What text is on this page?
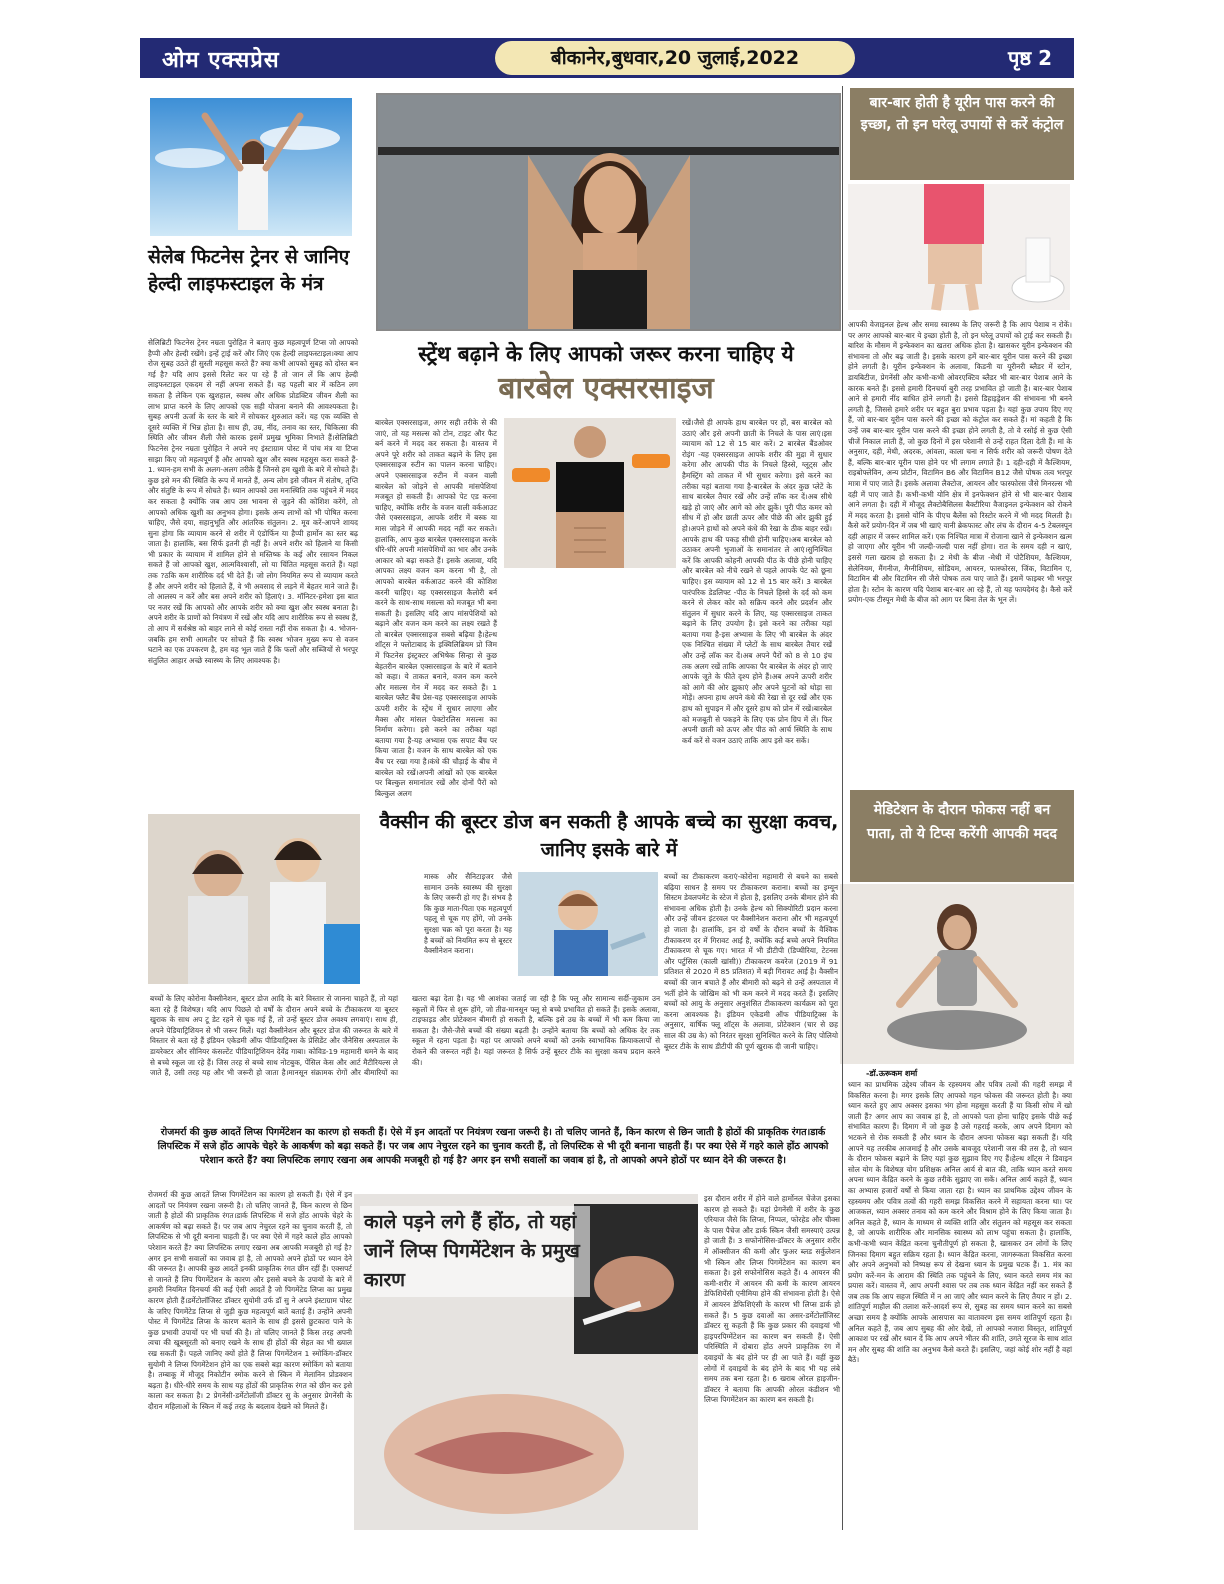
ओम एक्सप्रेस	बीकानेर,बुधवार,20 जुलाई,2022	पृष्ठ 2
सेलेब फिटनेस ट्रेनर से जानिए हेल्दी लाइफस्टाइल के मंत्र
सेलिब्रिटी फिटनेस ट्रेनर नम्रता पुरोहित ने बताए कुछ महत्वपूर्ण टिप्स जो आपको हैप्पी और हेल्दी रखेंगे। इन्हें ट्राई करें और जिएं एक हेल्दी लाइफस्टाइल।क्या आप रोज सुबह उठते ही सुस्ती महसूस करते हैं? क्या कभी आपको सुबह को दोस्त बन गई है? यदि आप इससे रिलेट कर पा रहे हैं तो जान लें कि आप हेल्दी लाइफस्टाइल एकदम से नहीं अपना सकते हैं। यह पहली बार में कठिन लग सकता है लेकिन एक खुशहाल, स्वस्थ और अधिक प्रोडक्टिव जीवन शैली का लाभ प्राप्त करने के लिए आपको एक सही योजना बनाने की आवश्यकता है।सुबह अपनी ऊर्जा के स्तर के बारे में सोचकर शुरुआत करें। यह एक व्यक्ति से दूसरे व्यक्ति में भिन्न होता है। साथ ही, उम्र, नींद, तनाव का स्तर, चिकित्सा की स्थिति और जीवन शैली जैसे कारक इसमें प्रमुख भूमिका निभाते हैं।सेलिब्रिटी फिटनेस ट्रेनर नम्रता पुरोहित ने अपने नए इंस्टाग्राम पोस्ट में पांच मंत्र या टिप्स साझा किए जो महत्वपूर्ण हैं और आपको खुश और स्वस्थ महसूस करा सकते हैं- 1. ध्यान-हम सभी के अलग-अलग तरीके हैं जिनसे हम खुशी के बारे में सोचते हैं। कुछ इसे मन की स्थिति के रूप में मानते हैं, अन्य लोग इसे जीवन में संतोष, तृप्ति और संतुष्टि के रूप में सोचते हैं। ध्यान आपको उस मनःस्थिति तक पहुंचने में मदद कर सकता है क्योंकि जब आप उस भावना से जुड़ने की कोशिश करेंगे, तो आपको अधिक खुशी का अनुभव होगा। इसके अन्य लाभों को भी पोषित करना चाहिए, जैसे दया, सहानुभूति और आंतरिक संतुलन। 2. मूव करें-आपने शायद सुना होगा कि व्यायाम करने से शरीर में एंडोर्फिन या हैप्पी हार्मोन का स्तर बढ़ जाता है। हालांकि, बस सिर्फ इतनी ही नहीं है। अपने शरीर को हिलाने या किसी भी प्रकार के व्यायाम में शामिल होने से मस्तिष्क के कई और रसायन निकल सकते हैं जो आपको खुश, आत्मविश्वासी, लो या चिंतित महसूस कराते हैं। यहां तक ?ठकि कम शारीरिक दर्द भी देते हैं। जो लोग नियमित रूप से व्यायाम करते हैं और अपने शरीर को हिलाते हैं, वे भी अवसाद से लड़ने में बेहतर माने जाते हैं। तो आलस्य न करें और बस अपने शरीर को हिलाएं। 3. मॉनिटर-हमेशा इस बात पर नजर रखें कि आपको और आपके शरीर को क्या खुश और स्वस्थ बनाता है। अपने शरीर के प्राणों को नियंत्रण में रखें और यदि आप शारीरिक रूप से स्वस्थ हैं, तो आप में सर्वश्रेष्ठ को बाहर लाने से कोई रास्ता नहीं रोक सकता है। 4. भोजन-जबकि हम सभी आमतौर पर सोचते हैं कि स्वस्थ भोजन मुख्य रूप से वजन घटाने का एक उपकरण है, हम यह भूल जाते हैं कि फलों और सब्जियों से भरपूर संतुलित आहार अच्छे स्वास्थ्य के लिए आवश्यक है।
स्ट्रेंथ बढ़ाने के लिए आपको जरूर करना चाहिए ये
बारबेल एक्सरसाइज
बारबेल एक्सरसाइज, अगर सही तरीके से की जाएं, तो यह मसल्स को टोन, टाइट और फैट बर्न करने में मदद कर सकता है। वास्तव में अपने पूरे शरीर को ताकत बढ़ाने के लिए इस एक्सरसाइज रुटीन का पालन करना चाहिए।अपने एक्सरसाइज रुटीन में वजन वाली बारबेल को जोड़ने से आपकी मांसपेशियां मजबूत हो सकती हैं। आपको पेट एड करना चाहिए, क्योंकि शरीर के वजन वाली वर्कआउट जैसे एक्सरसाइज, आपके शरीर में बस्क या मास जोड़ने में आपकी मदद नहीं कर सकते। हालांकि, आप कुछ बारबेल एक्सरसाइज करके धीरे-धीरे अपनी मांसपेशियों का भार और उनके आकार को बढ़ा सकते हैं। इसके अलावा, यदि आपका लक्ष्य वजन कम करना भी है, तो आपको बारबेल वर्कआउट करने की कोशिश करनी चाहिए। यह एक्सरसाइज कैलोरी बर्न करने के साथ-साथ मसल्स को मजबूत भी बना सकती है। इसलिए यदि आप मांसपेशियों को बढ़ाने और वजन कम करने का लक्ष्य रखते हैं तो बारबेल एक्सरसाइज सबसे बढ़िया है।हेल्थ शॉट्स ने फ्लोटाबाद के इक्विलिब्रियम प्रो जिम में फिटनेस इंस्ट्रक्टर अभिषेक सिन्हा से कुछ बेहतरीन बारबेल एक्सरसाइज के बारे में बताने को कहा। ये ताकत बनाने, वजन कम करने और मसल्स गेन में मदद कर सकते हैं। 1 बारबेल फ्लैट बैंच प्रेस-यह एक्सरसाइज आपके ऊपरी शरीर के स्ट्रेंथ में सुधार लाएगा और मैक्स और मांसल पेक्टोरलिस मसल्स का निर्माण करेगा। इसे करने का तरीका यहां बताया गया है-यह अभ्यास एक सपाट बैंच पर किया जाता है। वजन के साथ बारबेल को एक बैंच पर रखा गया है।कंधे की चौड़ाई के बीच में बारबेल को रखें।अपनी आंखों को एक बारबेल पर बिल्कुल समानांतर रखें और दोनों पैरों को बिल्कुल अलग
रखें।जैसे ही आपके हाथ बारबेल पर हों, बस बारबेल को उठाएं और इसे अपनी छाती के निचले के पास लाएं।इस व्यायाम को 12 से 15 बार करें। 2 बारबेल बैंडओवर रोइंग -यह एक्सरसाइज आपके शरीर की मुद्रा में सुधार करेगा और आपकी पीठ के निचले हिस्से, ग्लूट्स और हैमस्ट्रिंग को ताकत में भी सुधार करेगा। इसे करने का तरीका यहां बताया गया है-बारबेल के अंदर कुछ प्लेटें के साथ बारबेल तैयार रखें और उन्हें लॉक कर दें।अब सीधे खड़े हो जाएं और आगे को ओर झुकें। पूरी पीठ कमर को सीध में हो और छाती ऊपर और पीछे की ओर झुकी हुई हो।अपने हाथों को अपने कंधे की रेखा के ठीक बाहर रखें। आपके हाथ की पकड़ सीधी होनी चाहिए।अब बारबेल को उठाकर अपनी भुजाओं के समानांतर ले आएं।सुनिश्चित करें कि आपकी कोहनी आपकी पीठ के पीछे होनी चाहिए और बारबेल को नीचे रखने से पहले आपके पेट को छूना चाहिए। इस व्यायाम को 12 से 15 बार करें। 3 बारबेल पारंपरिक डेडलिफ्ट -पीठ के निचले हिस्से के दर्द को कम करने से लेकर कोर को सक्रिय करने और प्रदर्शन और संतुलन में सुधार करने के लिए, यह एक्सरसाइज ताकत बढ़ाने के लिए उपयोग है। इसे करने का तरीका यहां बताया गया है-इस अभ्यास के लिए भी बारबेल के अंदर एक निश्चित संख्या में प्लेटों के साथ बारबेल तैयार रखें और उन्हें लॉक कर दें।अब अपने पैरों को 8 से 10 इंच तक अलग रखें ताकि आपका पैर बारबेल के अंदर हो जाएं आपके जूते के फीते दृश्य होने हैं।अब अपने ऊपरी शरीर को आगे की ओर झुकाएं और अपने घुटनों को थोड़ा सा मोड़ें। अपना हाथ अपने कंधे की रेखा से दूर रखें और एक हाथ को सुपाइन में और दूसरे हाथ को प्रोन में रखें।बारबेल को मजबूती से पकड़ने के लिए एक प्रोन ग्रिप में लें। फिर अपनी छाती को ऊपर और पीठ को आर्च स्थिति के साथ कर्व करें से वजन उठाएं ताकि आप इसे कर सकें।
बार-बार होती है यूरीन पास करने की इच्छा, तो इन घरेलू उपायों से करें कंट्रोल
आपकी वेजाइनल हेल्थ और समग्र स्वास्थ्य के लिए जरूरी है कि आप पेशाब न रोकें। पर अगर आपको बार-बार ये इच्छा होती है, तो इन घरेलू उपायों को ट्राई कर सकती हैं। बारिश के मौसम में इन्फेक्शन का खतरा अधिक होता है। खासकर यूरीन इन्फेक्शन की संभावना तो और बढ़ जाती है। इसके कारण हमें बार-बार यूरीन पास करने की इच्छा होने लगती है। यूरीन इन्फेक्शन के अलावा, किडनी या यूरीनरी ब्लैडर में स्टोन, डायबिटीज, प्रेगनेंसी और कभी-कभी ओवरएक्टिव ब्लैडर भी बार-बार पेशाब आने के कारक बनते हैं। इससे हमारी दिनचर्या बुरी तरह प्रभावित हो जाती है। बार-बार पेशाब आने से हमारी नींद बाधित होने लगती है। इससे डिहाइड्रेशन की संभावना भी बनने लगती है, जिससे हमारे शरीर पर बहुत बुरा प्रभाव पड़ता है। यहां कुछ उपाय दिए गए हैं, जो बार-बार यूरीन पास करने की इच्छा को कंट्रोल कर सकते हैं। मां कहती है कि उन्हें जब बार-बार यूरीन पास करने की इच्छा होने लगती है, तो वे रसोई से कुछ ऐसी चीजें निकाल लाती हैं, जो कुछ दिनों में इस परेशानी से उन्हें राहत दिला देती हैं। मां के अनुसार, दही, मेथी, अदरक, आंवला, काला चना न सिर्फ शरीर को जरूरी पोषण देते हैं, बल्कि बार-बार यूरीन पास होने पर भी लगाम लगाते हैं। 1 दही-दही में कैल्शियम, राइबोफ्लेविन, अन्य प्रोटीन, विटामिन B6 और विटामिन B12 जैसे पोषक तत्व भरपूर मात्रा में पाए जाते हैं। इसके अलावा लैक्टोज, आयरन और फास्फोरस जैसे मिनरल्स भी दही में पाए जाते हैं। कभी-कभी योनि क्षेत्र में इनफेक्शन होने से भी बार-बार पेशाब आने लगता है। दही में मौजूद लैक्टोबैसिलस बैक्टीरिया वैजाइनल इन्फेक्शन को रोकने में मदद करता है। इससे योनि के पीएच बैलेंस को रिस्टोर करने में भी मदद मिलती है। कैसे करें प्रयोग-दिन में जब भी खाएं यानी ब्रेकफास्ट और लंच के दौरान 4-5 टेबलस्पून दही आहार में जरूर शामिल करें। एक निश्चित मात्रा में रोजाना खाने से इन्फेक्शन खत्म हो जाएगा और यूरीन भी जल्दी-जल्दी पास नहीं होगा। रात के समय दही न खाएं, इससे गला खराब हो सकता है। 2 मेथी के बीज -मेथी में पोटैशियम, कैल्शियम, सेलेनियम, मैंगनीज, मैग्नीशियम, सोडियम, आयरन, फास्फोरस, जिंक, विटामिन ए, विटामिन बी और विटामिन सी जैसे पोषक तत्व पाए जाते हैं। इसमें फाइबर भी भरपूर होता है। स्टोन के कारण यदि पेशाब बार-बार आ रहे हैं, तो यह फायदेमंद है। कैसे करें प्रयोग-एक टीस्पून मेथी के बीज को आग पर बिना तेल के भून लें।
मेडिटेशन के दौरान फोकस नहीं बन पाता, तो ये टिप्स करेंगी आपकी मदद
-डॉ.ऊरूकम शर्मा
ध्यान का प्राथमिक उद्देश्य जीवन के रहस्यमय और पवित्र तत्वों की गहरी समझ में विकसित करना है। मगर इसके लिए आपको गहन फोकस की जरूरत होती है। क्या ध्यान करते हुए आप अक्सर इसका भंग होना महसूस करती हैं या किसी सोच में खो जाती हैं? अगर आप का जवाब हां है, तो आपको पता होना चाहिए इसके पीछे कई संभावित कारण हैं। दिमाग में जो कुछ है उसे गहराई करके, आप अपने दिमाग को भटकने से रोक सकती हैं और ध्यान के दौरान अपना फोकस बढ़ा सकती हैं। यदि आपने यह तरकीब आजमाई है और उसके बावजूद परेशानी जस की तस है, तो ध्यान के दौरान फोकस बढ़ाने के लिए यहां कुछ सुझाव दिए गए हैं।हेल्थ शॉट्स ने डिवाइन सोल योग के विशेषज्ञ योग प्रशिक्षक अनिल आर्य से बात की, ताकि ध्यान करते समय अपना ध्यान केंद्रित करने के कुछ तरीके सुझाए जा सकें। अनिल आर्य कहते हैं, ध्यान का अभ्यास हजारों वर्षों से किया जाता रहा है। ध्यान का प्राथमिक उद्देश्य जीवन के रहस्यमय और पवित्र तत्वों की गहरी समझ विकसित करने में सहायता करना था। पर आजकल, ध्यान अक्सर तनाव को कम करने और विश्राम होने के लिए किया जाता है। अनिल कहते हैं, ध्यान के माध्यम से व्यक्ति शांति और संतुलन को महसूस कर सकता है, जो आपके शारीरिक और मानसिक स्वास्थ्य को लाभ पहुंचा सकता है। हालांकि, कभी-कभी ध्यान केंद्रित करना चुनौतीपूर्ण हो सकता है, खासकर उन लोगों के लिए जिनका दिमाग बहुत सक्रिय रहता है। ध्यान केंद्रित करना, जागरूकता विकसित करना और अपने अनुभवों को निष्पक्ष रूप से देखना ध्यान के प्रमुख घटक हैं। 1. मंत्र का प्रयोग करें-मन के आराम की स्थिति तक पहुंचने के लिए, ध्यान करते समय मंत्र का प्रयास करें। वास्तव में, आप अपनी श्वास पर तब तक ध्यान केंद्रित नहीं कर सकते हैं जब तक कि आप सहज स्थिति में न आ जाएं और ध्यान करने के लिए तैयार न हों। 2. शांतिपूर्ण माहौल की तलाश करें-आदर्श रूप से, सुबह का समय ध्यान करने का सबसे अच्छा समय है क्योंकि आपके आसपास का वातावरण इस समय शांतिपूर्ण रहता है। अनिल कहते हैं, जब आप सुबह की ओर देखें, तो आपको नजारा विस्तृत, शांतिपूर्ण आकाश पर रखें और ध्यान दें कि आप अपने भीतर की शांति, उगते सूरज के साथ शांत मन और सुबह की शांति का अनुभव कैसे करते हैं। इसलिए, जहां कोई शोर नहीं है वहां बैठें।
वैक्सीन की बूस्टर डोज बन सकती है आपके बच्चे का सुरक्षा कवच, जानिए इसके बारे में
मास्क और सैनिटाइजर जैसे सामान उनके स्वास्थ्य की सुरक्षा के लिए जरूरी हो गए हैं। संभव है कि कुछ माता-पिता एक महत्वपूर्ण पहलू से चूक गए होंगे, जो उनके सुरक्षा चक्र को पूरा करता है। यह है बच्चों को नियमित रूप से बूस्टर वैक्सीनेशन कराना।
बच्चों के लिए कोरोना वैक्सीनेशन, बूस्टर डोज आदि के बारे विस्तार से जानना चाहते हैं, तो यहां बता रहे हैं विशेषज्ञ। यदि आप पिछले दो वर्षों के दौरान अपने बच्चे के टीकाकरण या बूस्टर खुराक के साथ अप टू डेट रहने से चूक गई हैं, तो उन्हें बूस्टर डोज अवश्य लगवाएं। साथ ही, अपने पेडियाट्रिशियन से भी जरूर मिलें। यहां वैक्सीनेशन और बूस्टर डोज की जरूरत के बारे में विस्तार से बता रहे हैं इंडियन एकेडमी ऑफ पीडियाट्रिक्स के प्रेसिडेंट और जैनेसिस अस्पताल के डायरेक्टर और सीनियर कंसल्टेंट पीडियाट्रिशियन देवेंद्र गाबा। कोविड-19 महामारी थमने के बाद से बच्चे स्कूल जा रहे हैं। जिस तरह से बच्चे साथ नोटबुक, पेंसिल केस और आर्ट मैटीरियल्स ले जाते हैं, उसी तरह यह और भी जरूरी हो जाता है।मानसून संक्रामक रोगों और बीमारियों का खतरा बढ़ा देता है। यह भी आशंका जताई जा रही है कि फ्लू और सामान्य सर्दी-जुकाम उन स्कूलों में फिर से शुरू होंगे, जो तीव्र-मानसून फ्लू से बच्चे प्रभावित हो सकते हैं। इसके अलावा, टाइफाइड और प्रोटेक्शन बीमारी हो सकती है, बल्कि इसे उम्र के बच्चों में भी कम किया जा सकता है। जैसे-जैसे बच्चों की संख्या बढ़ती है। उन्होंने बताया कि बच्चों को अधिक देर तक स्कूल में रहना पड़ता है। यहां पर आपको अपने बच्चों को उनके स्वाभाविक क्रियाकलापों से रोकने की जरूरत नहीं है। यहां जरूरत है सिर्फ उन्हें बूस्टर टीके का सुरक्षा कवच प्रदान करने की।
बच्चों का टीकाकरण कराएं-कोरोना महामारी से बचने का सबसे बढ़िया साधन है समय पर टीकाकरण कराना। बच्चों का इम्यून सिस्टम डेवलपमेंट के स्टेज में होता है, इसलिए उनके बीमार होने की संभावना अधिक होती है। उनके हेल्थ को सिक्योरिटी प्रदान करना और उन्हें जीवन इंटरवल पर वैक्सीनेशन कराना और भी महत्वपूर्ण हो जाता है। हालांकि, इन दो वर्षों के दौरान बच्चों के वैश्विक टीकाकरण दर में गिरावट आई है, क्योंकि कई बच्चे अपने नियमित टीकाकरण से चूक गए। भारत में भी डीटीपी (डिप्थीरिया, टेटनस और पर्टुसिस (काली खांसी)) टीकाकरण कवरेज (2019 में 91 प्रतिशत से 2020 में 85 प्रतिशत) में बड़ी गिरावट आई है। वैक्सीन बच्चों की जान बचाते हैं और बीमारी को बढ़ने से उन्हें अस्पताल में भर्ती होने के जोखिम को भी कम करने में मदद करते हैं। इसलिए बच्चों को आयु के अनुसार अनुशंसित टीकाकरण कार्यक्रम को पूरा करना आवश्यक है। इंडियन एकेडमी ऑफ पीडियाट्रिक्स के अनुसार, वार्षिक फ्लू शॉट्स के अलावा, प्रोटेक्शन (चार से छह साल की उम्र के) को निरंतर सुरक्षा सुनिश्चित करने के लिए पोलियो बूस्टर टीके के साथ डीटीपी की पूर्ण खुराक दी जानी चाहिए।
रोजमर्रा की कुछ आदतें लिप्स पिगमेंटेशन का कारण हो सकती हैं। ऐसे में इन आदतों पर नियंत्रण रखना जरूरी है। तो चलिए जानते हैं, किन कारण से छिन जाती है होठों की प्राकृतिक रंगत।डार्क लिपस्टिक में सजे होंठ आपके चेहरे के आकर्षण को बढ़ा सकते हैं। पर जब आप नेचुरल रहने का चुनाव करती हैं, तो लिपस्टिक से भी दूरी बनाना चाहती हैं। पर क्या ऐसे में गहरे काले होंठ आपको परेशान करते हैं? क्या लिपस्टिक लगाए रखना अब आपकी मजबूरी हो गई है? अगर इन सभी सवालों का जवाब हां है, तो आपको अपने होठों पर ध्यान देने की जरूरत है।
रोजमर्रा की कुछ आदतें लिप्स पिगमेंटेशन का कारण हो सकती हैं। ऐसे में इन आदतों पर नियंत्रण रखना जरूरी है। तो चलिए जानते हैं, किन कारण से छिन जाती है होठों की प्राकृतिक रंगत।डार्क लिपस्टिक में सजे होंठ आपके चेहरे के आकर्षण को बढ़ा सकते हैं। पर जब आप नेचुरल रहने का चुनाव करती हैं, तो लिपस्टिक से भी दूरी बनाना चाहती हैं। पर क्या ऐसे में गहरे काले होंठ आपको परेशान करते हैं? क्या लिपस्टिक लगाए रखना अब आपकी मजबूरी हो गई है? अगर इन सभी सवालों का जवाब हां है, तो आपको अपने होठों पर ध्यान देने की जरूरत है। आपकी कुछ आदतें इनकी प्राकृतिक रंगत छीन रहीं हैं। एक्सपर्ट से जानते हैं लिप पिगमेंटेशन के कारण और इससे बचने के उपायों के बारे में हमारी नियमित दिनचर्या की कई ऐसी आदतें है जो पिगमेंटेड लिप्स का प्रमुख कारण होती हैं।डर्मेटोलॉजिस्ट डॉक्टर सुयोमी उर्फ डॉ सु ने अपने इंस्टाग्राम पोस्ट के जरिए पिगमेंटेड लिप्स से जुड़ी कुछ महत्वपूर्ण बातें बताई हैं। उन्होंने अपनी पोस्ट में पिगमेंटेड लिप्स के कारण बताने के साथ ही इससे छुटकारा पाने के कुछ प्रभावी उपायों पर भी चर्चा की है। तो चलिए जानते हैं किस तरह अपनी त्वचा की खूबसूरती को बनाए रखने के साथ ही होंठों की सेहत का भी ख्याल रख सकती हैं। पहले जानिए क्यों होते हैं लिप्स पिगमेंटेशन 1 स्मोकिंग-डॉक्टर सुयोमी ने लिप्स पिगमेंटेशन होने का एक सबसे बड़ा कारण स्मोकिंग को बताया है। तम्बाकू में मौजूद निकोटीन स्मोक करने से स्किन में मेलानिन प्रोडक्शन बढ़ता है। धीरे-धीरे समय के साथ यह होंठों की प्राकृतिक रंगत को छीन कर इसे काला कर सकता है। 2 प्रेगनेंसी-डर्मेटोलॉजी डॉक्टर सु के अनुसार प्रेगनेंसी के दौरान महिलाओं के स्किन में कई तरह के बदलाव देखने को मिलते हैं।
काले पड़ने लगे हैं होंठ, तो यहां जानें लिप्स पिगमेंटेशन के प्रमुख कारण
इस दौरान शरीर में होने वाले हार्मोनल चेंजेज इसका कारण हो सकते हैं। यहां प्रेगनेंसी में शरीर के कुछ एरियाज जैसे कि लिप्स, निप्पल, फोरहेड और चीक्स के पास पैचेज और डार्क स्किन जैसी समस्याएं उत्पन्न हो जाती हैं। 3 सफोनोसिस-डॉक्टर के अनुसार शरीर में ऑक्सीजन की कमी और फुअर ब्लड सर्कुलेशन भी स्किन और लिप्स पिगमेंटेशन का कारण बन सकता है। इसे सफोनोसिस कहते हैं। 4 आयरन की कमी-शरीर में आयरन की कमी के कारण आयरन डेफिशियेंसी एनीमिया होने की संभावना होती है। ऐसे में आयरन डेफिशिएंसी के कारण भी लिप्स डार्क हो सकते हैं। 5 कुछ दवाओं का असर-डर्मेटोलॉजिस्ट डॉक्टर सु कहती हैं कि कुछ प्रकार की दवाइयां भी हाइपरपिग्मेंटेशन का कारण बन सकती हैं। ऐसी परिस्थिति में दोबारा होंठ अपने प्राकृतिक रंग में दवाइयों के बंद होने पर ही आ पाते हैं। वहीं कुछ लोगों में दवाइयों के बंद होने के बाद भी यह लंबे समय तक बना रहता है। 6 खराब ओरल हाइजीन-डॉक्टर ने बताया कि आपकी ओरल कंडीशन भी लिप्स पिगमेंटेशन का कारण बन सकती है।
